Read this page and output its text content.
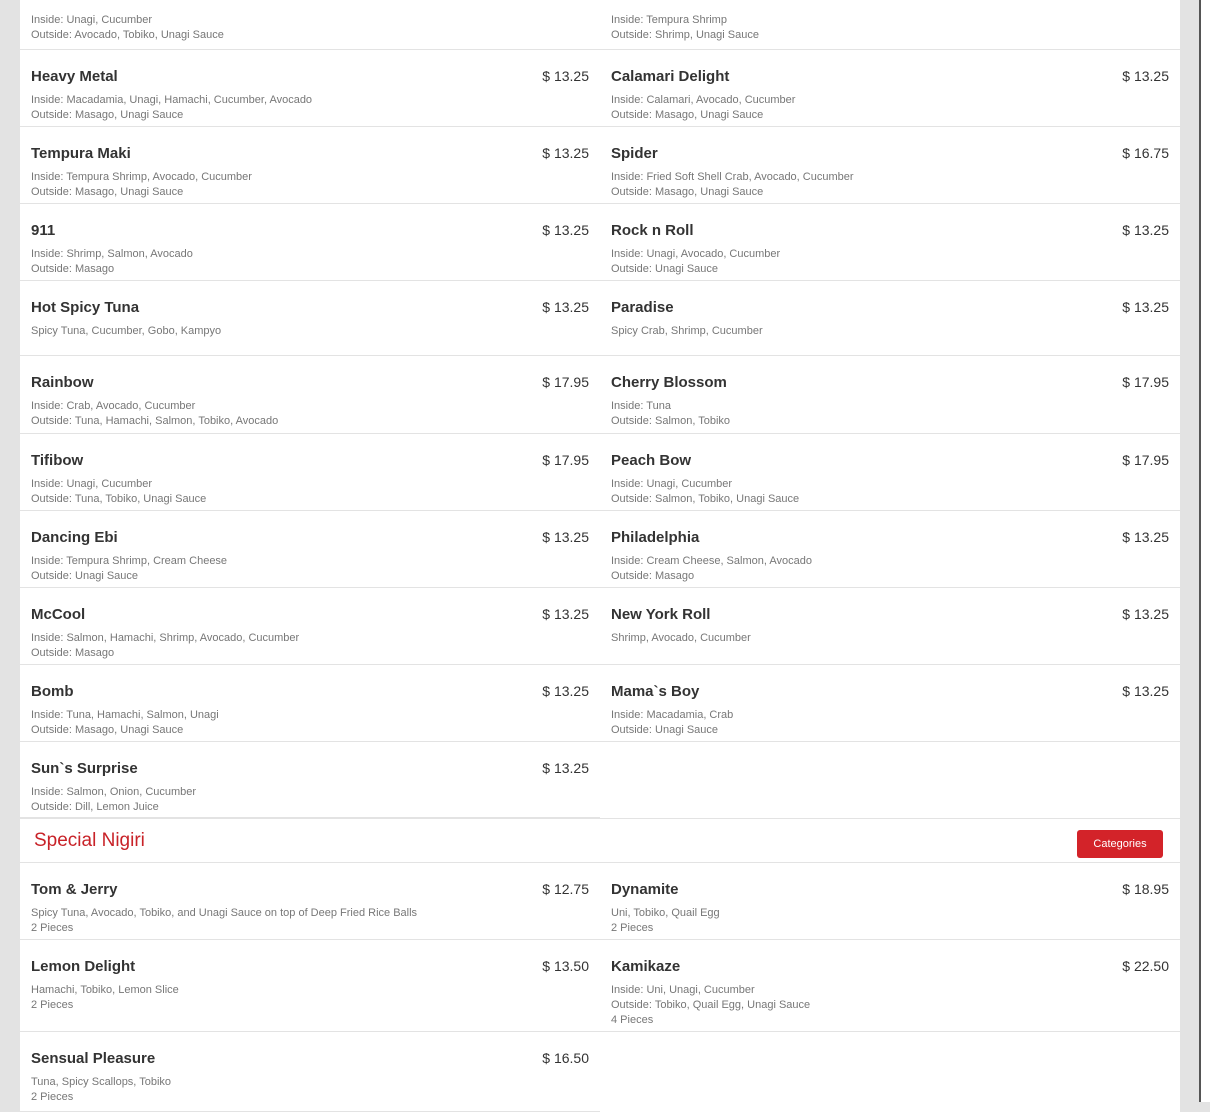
Inside: Unagi, Cucumber
Outside: Avocado, Tobiko, Unagi Sauce
Inside: Tempura Shrimp
Outside: Shrimp, Unagi Sauce
Heavy Metal	$ 13.25
Inside: Macadamia, Unagi, Hamachi, Cucumber, Avocado
Outside: Masago, Unagi Sauce
Calamari Delight	$ 13.25
Inside: Calamari, Avocado, Cucumber
Outside: Masago, Unagi Sauce
Tempura Maki	$ 13.25
Inside: Tempura Shrimp, Avocado, Cucumber
Outside: Masago, Unagi Sauce
Spider	$ 16.75
Inside: Fried Soft Shell Crab, Avocado, Cucumber
Outside: Masago, Unagi Sauce
911	$ 13.25
Inside: Shrimp, Salmon, Avocado
Outside: Masago
Rock n Roll	$ 13.25
Inside: Unagi, Avocado, Cucumber
Outside: Unagi Sauce
Hot Spicy Tuna	$ 13.25
Spicy Tuna, Cucumber, Gobo, Kampyo
Paradise	$ 13.25
Spicy Crab, Shrimp, Cucumber
Rainbow	$ 17.95
Inside: Crab, Avocado, Cucumber
Outside: Tuna, Hamachi, Salmon, Tobiko, Avocado
Cherry Blossom	$ 17.95
Inside: Tuna
Outside: Salmon, Tobiko
Tifibow	$ 17.95
Inside: Unagi, Cucumber
Outside: Tuna, Tobiko, Unagi Sauce
Peach Bow	$ 17.95
Inside: Unagi, Cucumber
Outside: Salmon, Tobiko, Unagi Sauce
Dancing Ebi	$ 13.25
Inside: Tempura Shrimp, Cream Cheese
Outside: Unagi Sauce
Philadelphia	$ 13.25
Inside: Cream Cheese, Salmon, Avocado
Outside: Masago
McCool	$ 13.25
Inside: Salmon, Hamachi, Shrimp, Avocado, Cucumber
Outside: Masago
New York Roll	$ 13.25
Shrimp, Avocado, Cucumber
Bomb	$ 13.25
Inside: Tuna, Hamachi, Salmon, Unagi
Outside: Masago, Unagi Sauce
Mama`s Boy	$ 13.25
Inside: Macadamia, Crab
Outside: Unagi Sauce
Sun`s Surprise	$ 13.25
Inside: Salmon, Onion, Cucumber
Outside: Dill, Lemon Juice
Special Nigiri	Categories
Tom & Jerry	$ 12.75
Spicy Tuna, Avocado, Tobiko, and Unagi Sauce on top of Deep Fried Rice Balls
2 Pieces
Dynamite	$ 18.95
Uni, Tobiko, Quail Egg
2 Pieces
Lemon Delight	$ 13.50
Hamachi, Tobiko, Lemon Slice
2 Pieces
Kamikaze	$ 22.50
Inside: Uni, Unagi, Cucumber
Outside: Tobiko, Quail Egg, Unagi Sauce
4 Pieces
Sensual Pleasure	$ 16.50
Tuna, Spicy Scallops, Tobiko
2 Pieces
